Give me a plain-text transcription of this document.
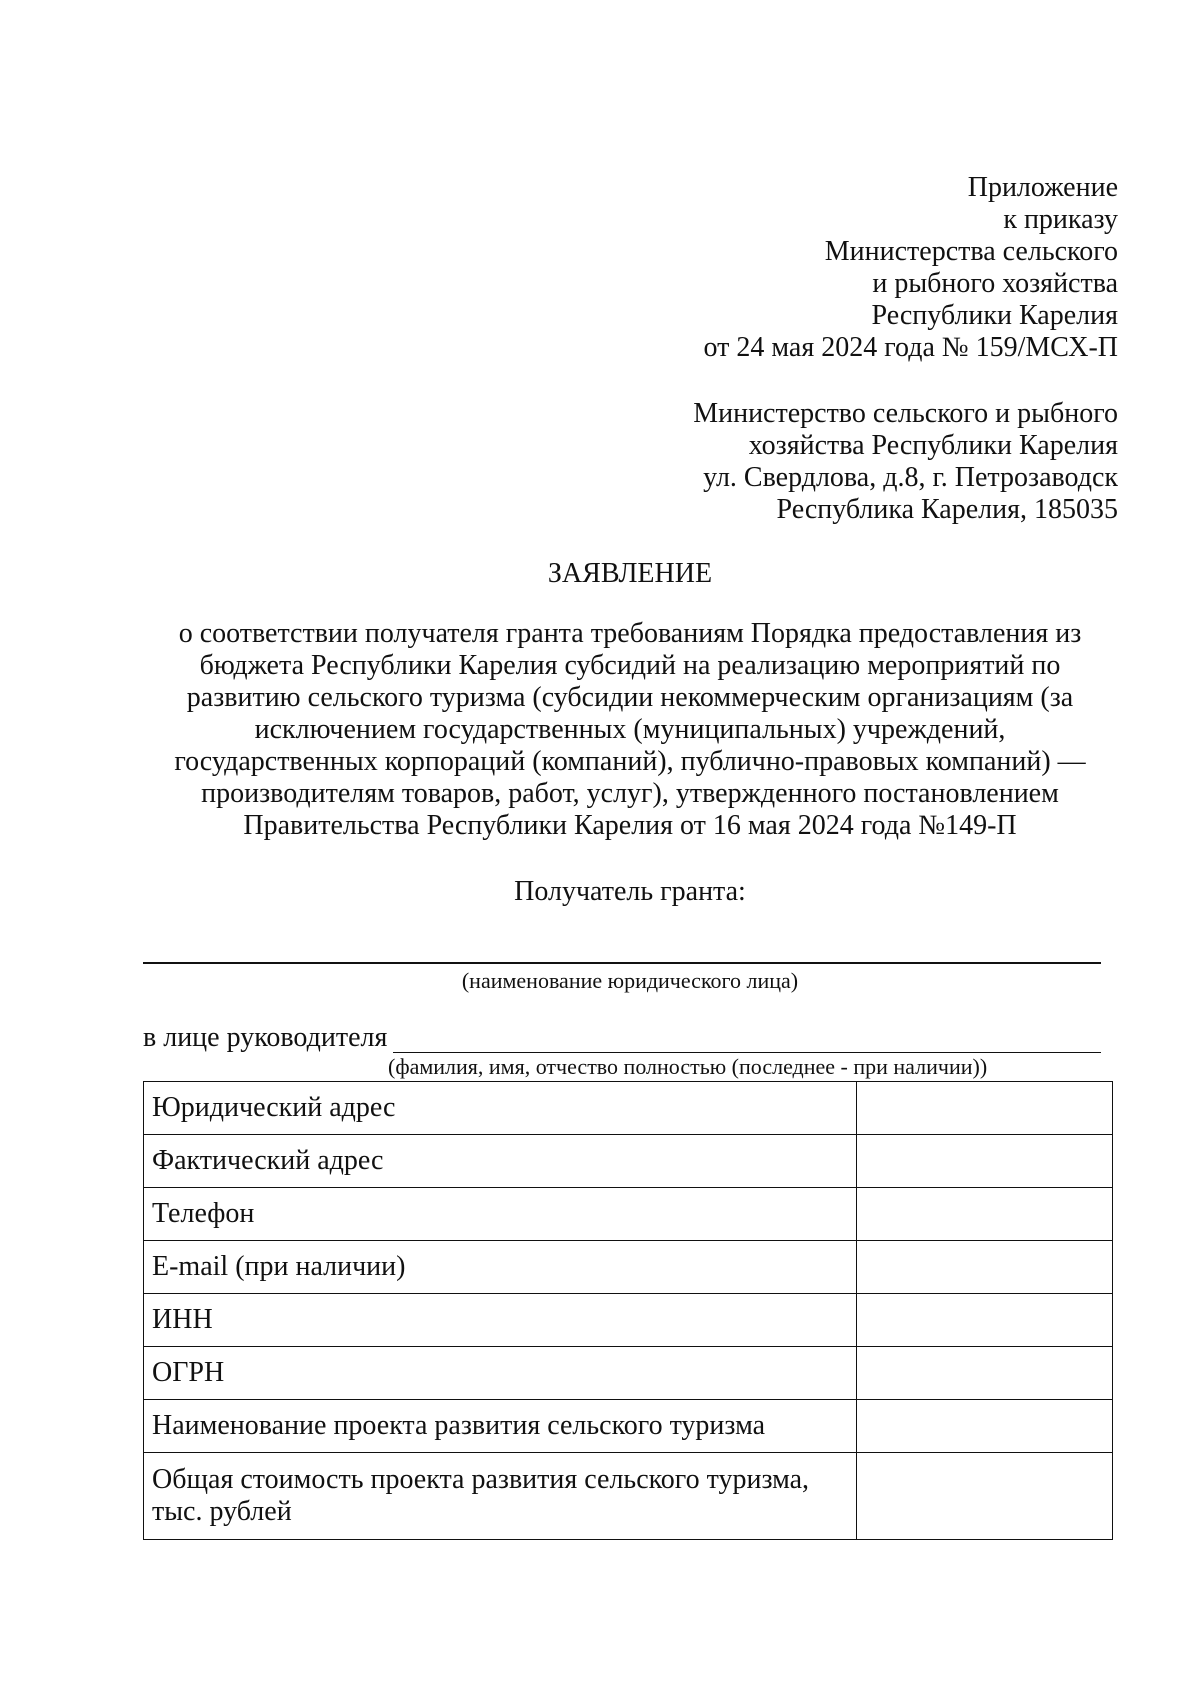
Приложение
к приказу
Министерства сельского
и рыбного хозяйства
Республики Карелия
от 24 мая 2024 года № 159/МСХ-П
Министерство сельского и рыбного
хозяйства Республики Карелия
ул. Свердлова, д.8, г. Петрозаводск
Республика Карелия, 185035
ЗАЯВЛЕНИЕ
о соответствии получателя гранта требованиям Порядка предоставления из
бюджета Республики Карелия субсидий на реализацию мероприятий по
развитию сельского туризма (субсидии некоммерческим организациям (за
исключением государственных (муниципальных) учреждений,
государственных корпораций (компаний), публично-правовых компаний) —
производителям товаров, работ, услуг), утвержденного постановлением
Правительства Республики Карелия от 16 мая 2024 года №149-П
Получатель гранта:
(наименование юридического лица)
в лице руководителя
(фамилия, имя, отчество полностью (последнее - при наличии))
Юридический адрес	
Фактический адрес	
Телефон	
E-mail (при наличии)	
ИНН	
ОГРН	
Наименование проекта развития сельского туризма	
Общая стоимость проекта развития сельского туризма, тыс. рублей	
